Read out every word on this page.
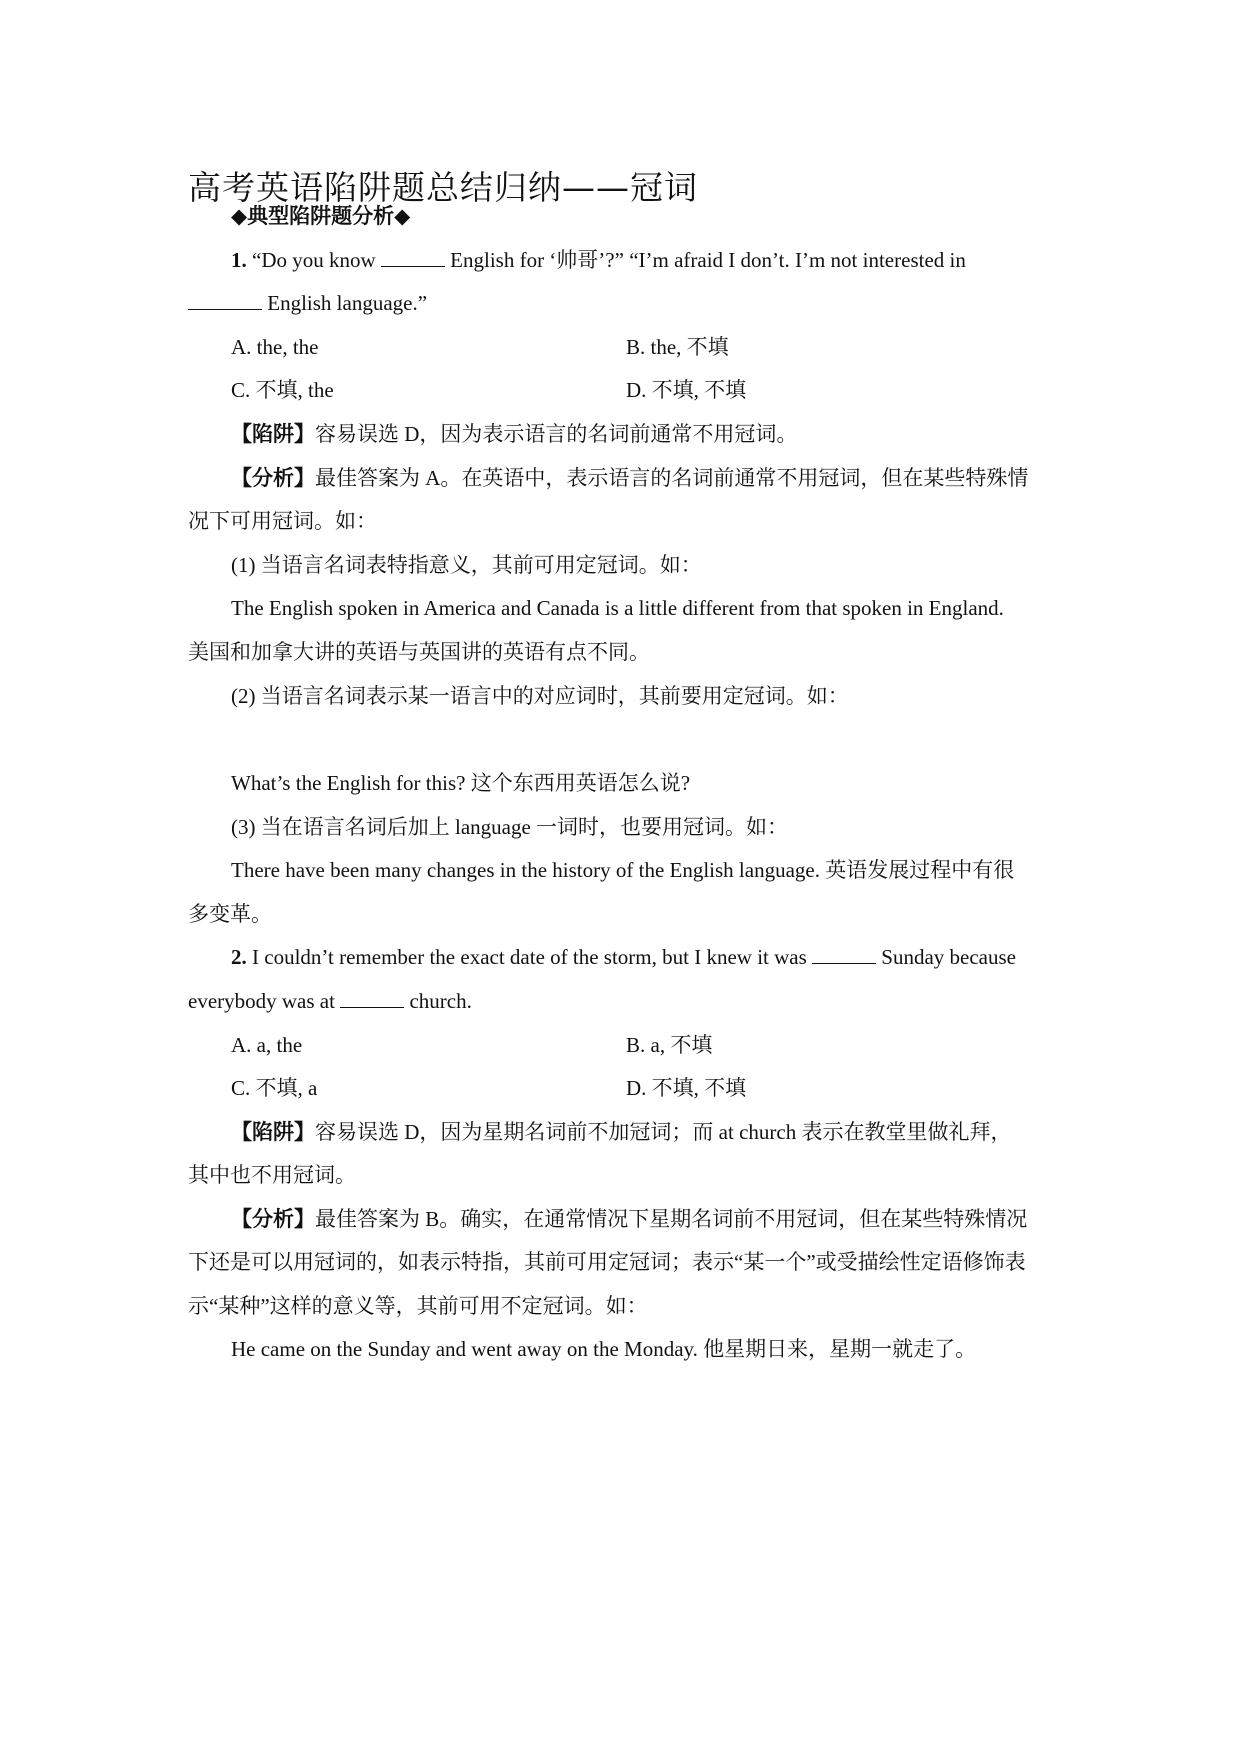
高考英语陷阱题总结归纳——冠词
◆典型陷阱题分析◆
1. “Do you know	English for ‘帅哥’?” “I’m afraid I don’t. I’m not interested in
English language.”
A. the, the	B. the, 不填
C. 不填, the	D. 不填, 不填
【陷阱】容易误选 D，因为表示语言的名词前通常不用冠词。
【分析】最佳答案为 A。在英语中，表示语言的名词前通常不用冠词，但在某些特殊情
况下可用冠词。如：
(1) 当语言名词表特指意义，其前可用定冠词。如：
The English spoken in America and Canada is a little different from that spoken in England.
美国和加拿大讲的英语与英国讲的英语有点不同。
(2) 当语言名词表示某一语言中的对应词时，其前要用定冠词。如：
What’s the English for this? 这个东西用英语怎么说?
(3) 当在语言名词后加上 language 一词时，也要用冠词。如：
There have been many changes in the history of the English language. 英语发展过程中有很
多变革。
2. I couldn’t remember the exact date of the storm, but I knew it was	Sunday because
everybody was at	church.
A. a, the	B. a, 不填
C. 不填, a	D. 不填, 不填
【陷阱】容易误选 D，因为星期名词前不加冠词；而 at church 表示在教堂里做礼拜，
其中也不用冠词。
【分析】最佳答案为 B。确实，在通常情况下星期名词前不用冠词，但在某些特殊情况
下还是可以用冠词的，如表示特指，其前可用定冠词；表示“某一个”或受描绘性定语修饰表
示“某种”这样的意义等，其前可用不定冠词。如：
He came on the Sunday and went away on the Monday. 他星期日来，星期一就走了。
